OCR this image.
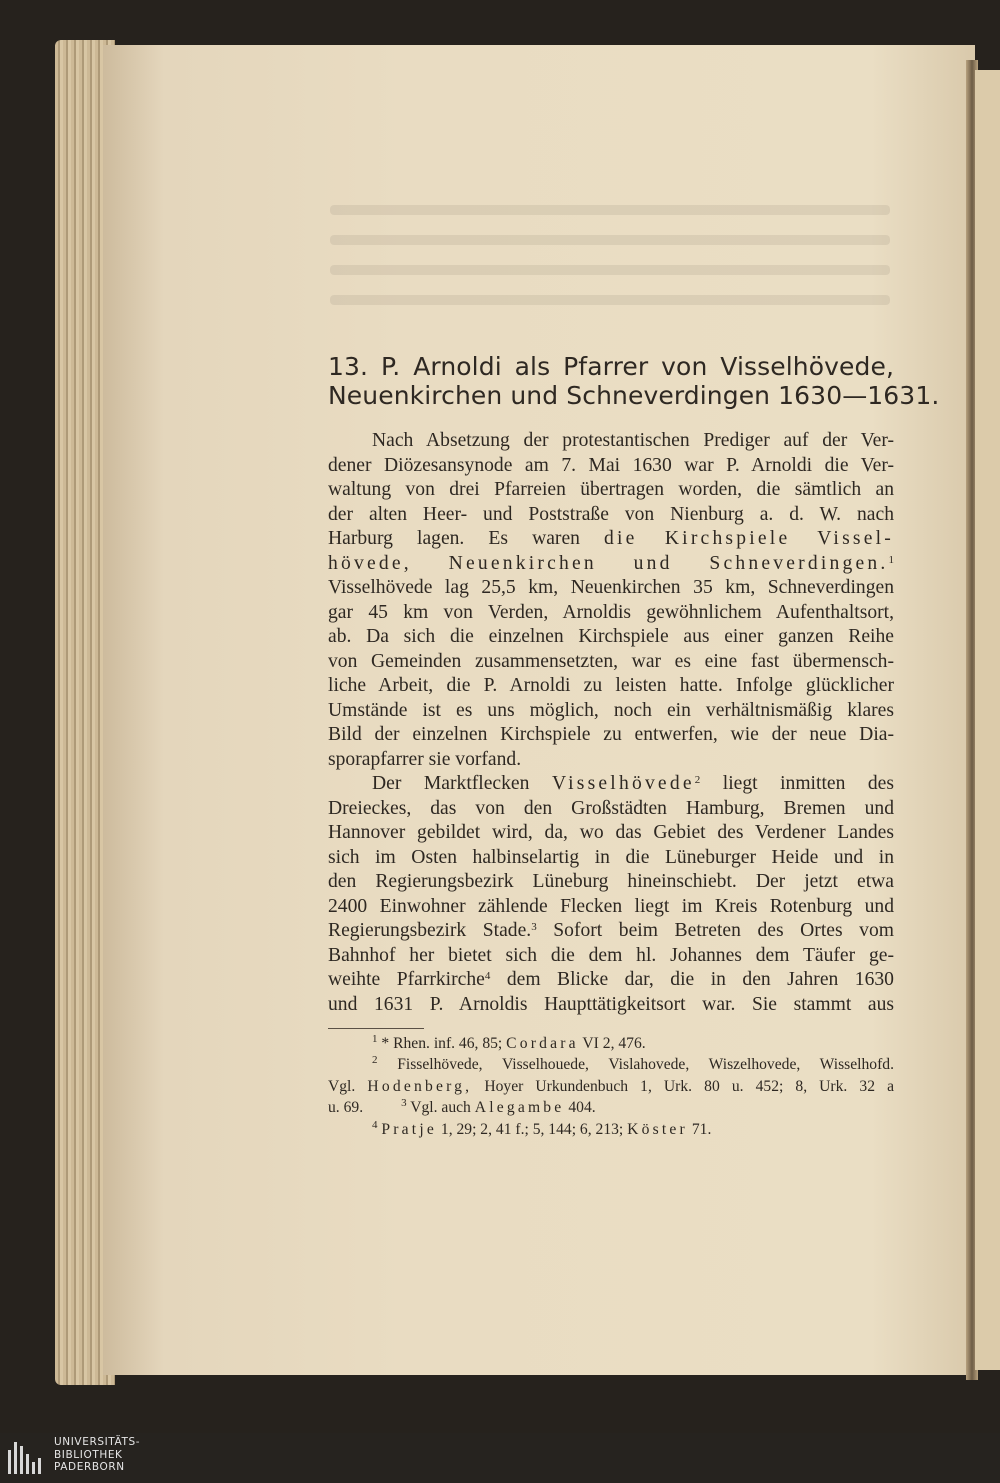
13. P. Arnoldi als Pfarrer von Visselhövede,
Neuenkirchen und Schneverdingen 1630—1631.
Nach Absetzung der protestantischen Prediger auf der Ver-
dener Diözesansynode am 7. Mai 1630 war P. Arnoldi die Ver-
waltung von drei Pfarreien übertragen worden, die sämtlich an
der alten Heer- und Poststraße von Nienburg a. d. W. nach
Harburg lagen. Es waren die Kirchspiele Vissel-
hövede, Neuenkirchen und Schneverdingen.$^1$
Visselhövede lag 25,5 km, Neuenkirchen 35 km, Schneverdingen
gar 45 km von Verden, Arnoldis gewöhnlichem Aufenthaltsort,
ab. Da sich die einzelnen Kirchspiele aus einer ganzen Reihe
von Gemeinden zusammensetzten, war es eine fast übermensch-
liche Arbeit, die P. Arnoldi zu leisten hatte. Infolge glücklicher
Umstände ist es uns möglich, noch ein verhältnismäßig klares
Bild der einzelnen Kirchspiele zu entwerfen, wie der neue Dia-
sporapfarrer sie vorfand.
Der Marktflecken Visselhövede$^2$ liegt inmitten des
Dreieckes, das von den Großstädten Hamburg, Bremen und
Hannover gebildet wird, da, wo das Gebiet des Verdener Landes
sich im Osten halbinselartig in die Lüneburger Heide und in
den Regierungsbezirk Lüneburg hineinschiebt. Der jetzt etwa
2400 Einwohner zählende Flecken liegt im Kreis Rotenburg und
Regierungsbezirk Stade.$^3$ Sofort beim Betreten des Ortes vom
Bahnhof her bietet sich die dem hl. Johannes dem Täufer ge-
weihte Pfarrkirche$^4$ dem Blicke dar, die in den Jahren 1630
und 1631 P. Arnoldis Haupttätigkeitsort war. Sie stammt aus
$^1$ * Rhen. inf. 46, 85; Cordara VI 2, 476.
$^2$ Fisselhövede, Visselhouede, Vislahovede, Wiszelhovede, Wisselhofd.
Vgl. Hodenberg, Hoyer Urkundenbuch 1, Urk. 80 u. 452; 8, Urk. 32 a
u. 69.	$^3$ Vgl. auch Alegambe 404.
$^4$ Pratje 1, 29; 2, 41 f.; 5, 144; 6, 213; Köster 71.
UNIVERSITÄTS-
BIBLIOTHEK
PADERBORN
